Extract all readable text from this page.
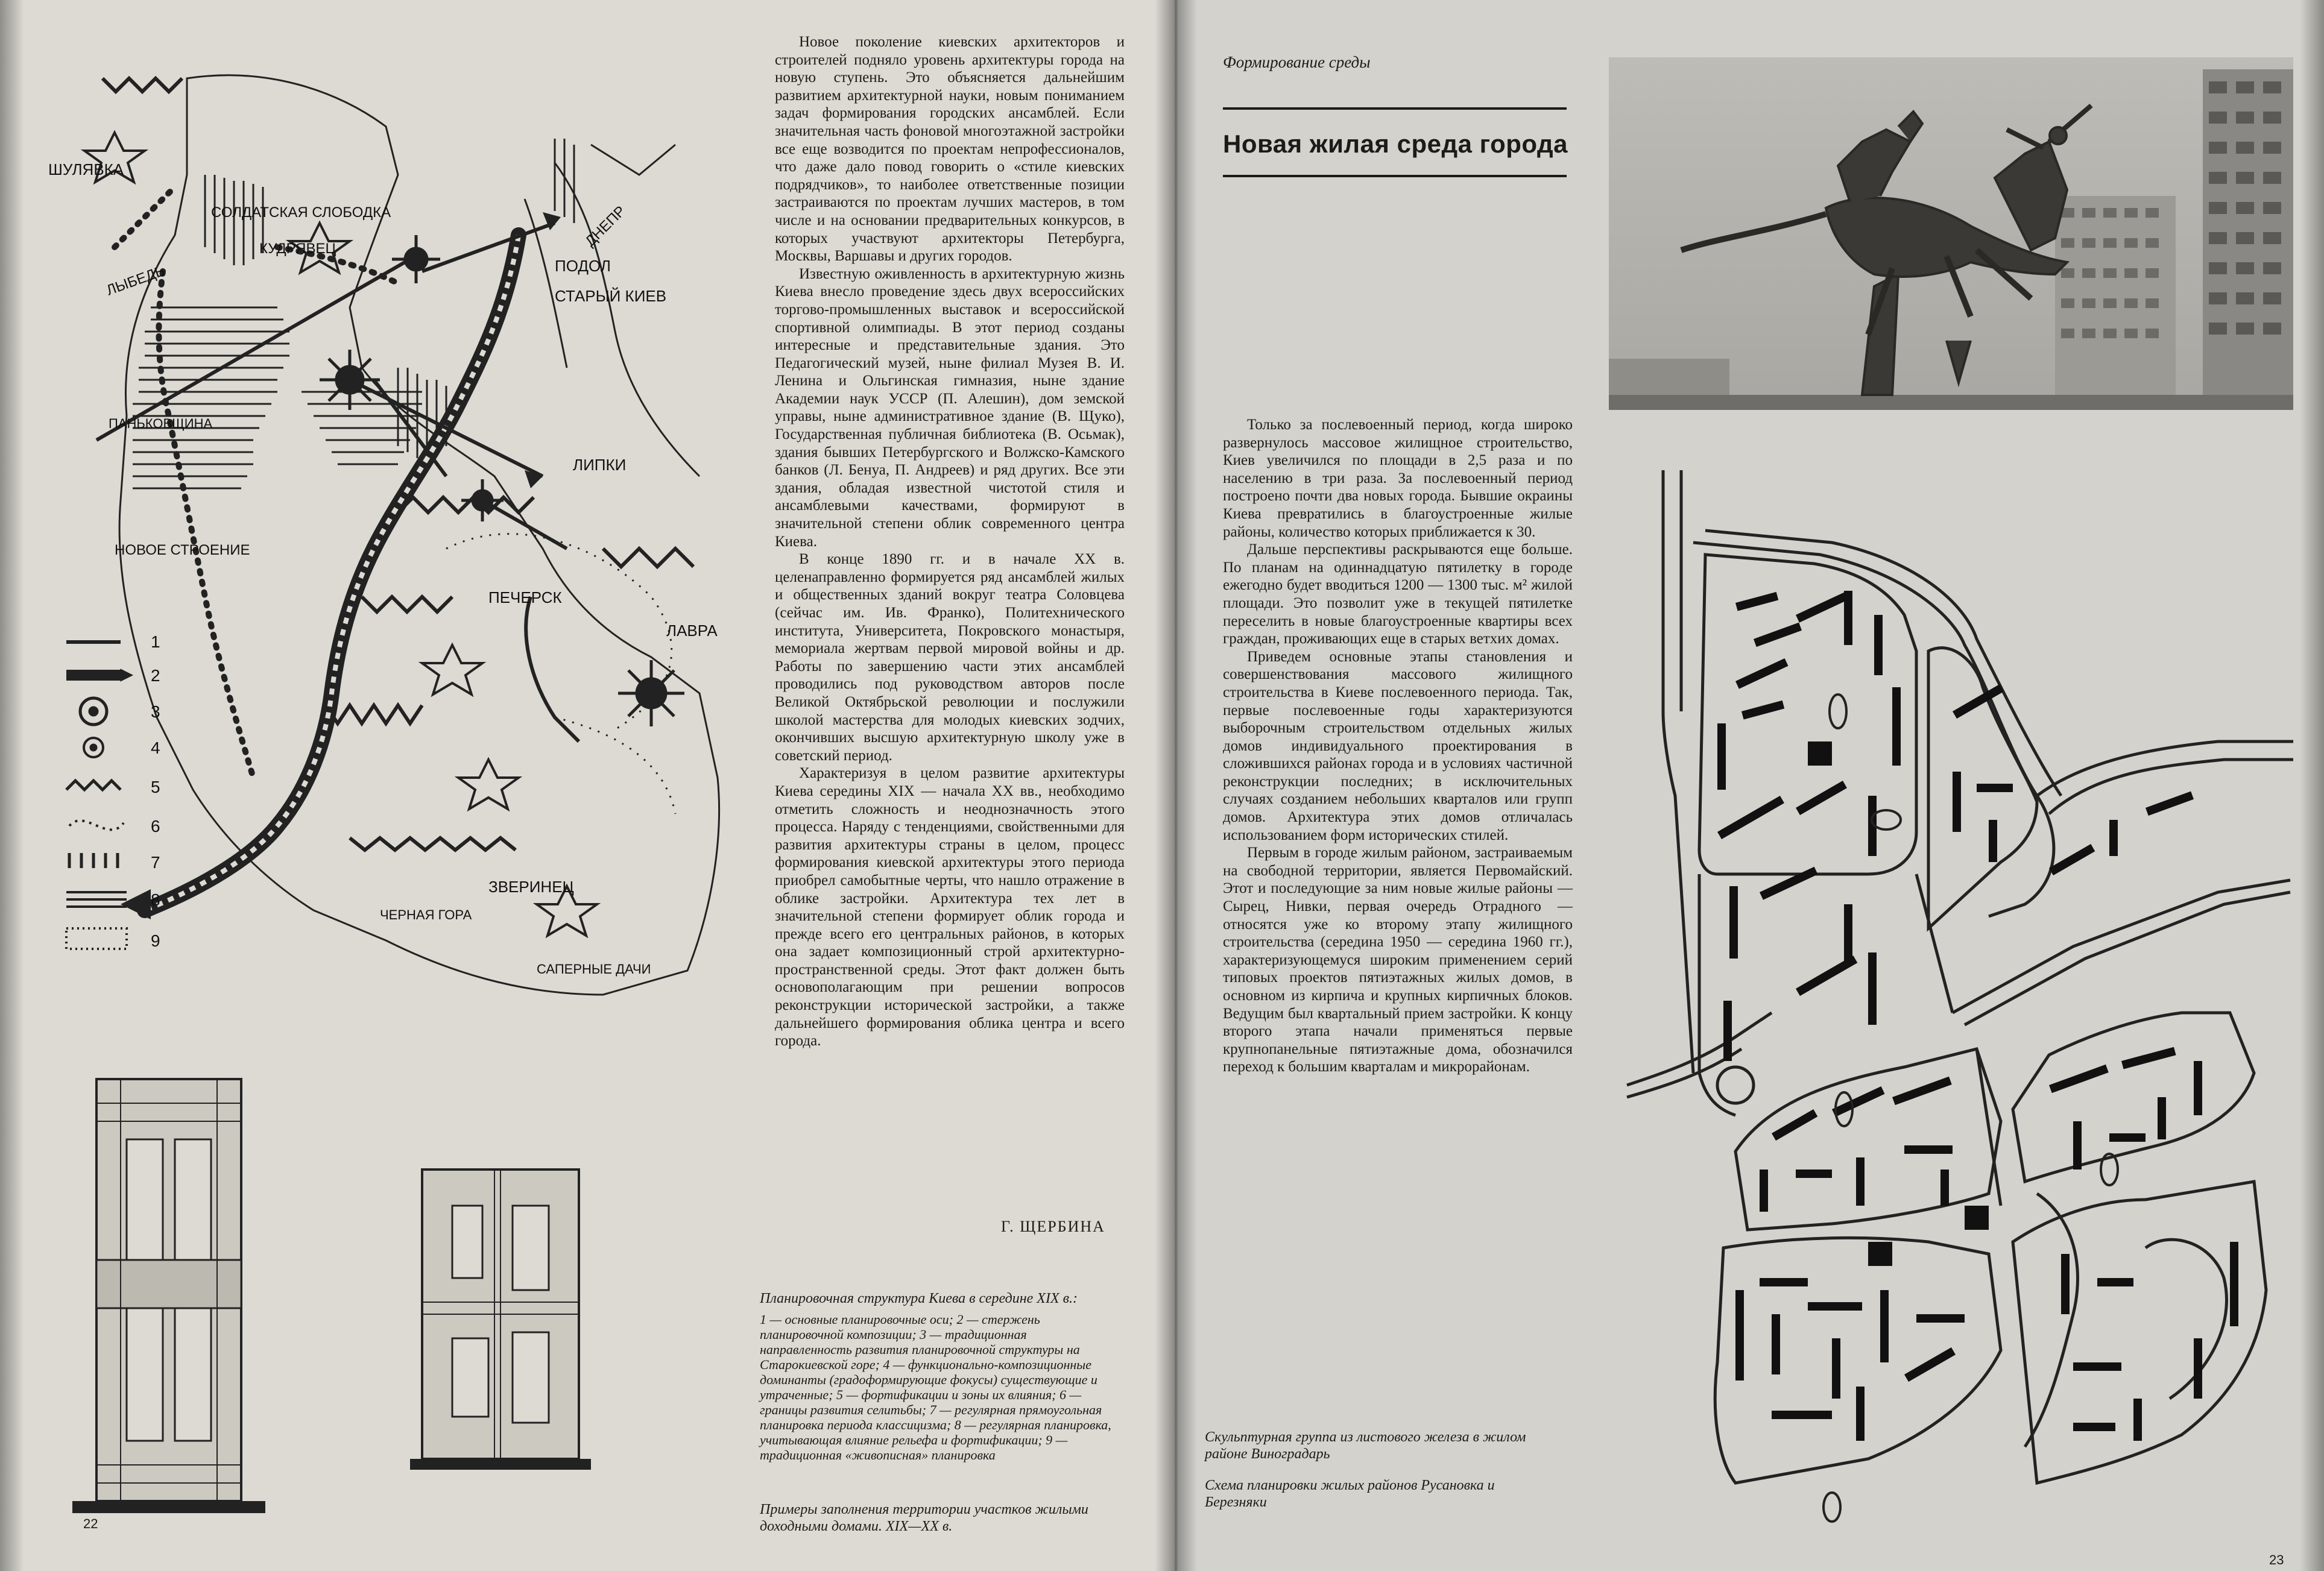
ШУЛЯВКА
СОЛДАТСКАЯ СЛОБОДКА
КУДРЯВЕЦ
ПОДОЛ
ДНЕПР
СТАРЫЙ КИЕВ
ЛЫБЕДЬ
ПАНЬКОВЩИНА
ЛИПКИ
НОВОЕ СТРОЕНИЕ
ПЕЧЕРСК
ЛАВРА
ЗВЕРИНЕЦ
ЧЕРНАЯ ГОРА
САПЕРНЫЕ ДАЧИ
1
2
3
4
5
6
7
8
9
Планировочная структура Киева в середине XIX в.:
1 — основные планировочные оси; 2 — стержень планировочной композиции; 3 — традиционная направленность развития планировочной структуры на Старокиевской горе; 4 — функционально-композиционные доминанты (градоформирующие фокусы) существующие и утраченные; 5 — фортификации и зоны их влияния; 6 — границы развития селитьбы; 7 — регулярная прямоугольная планировка периода классицизма; 8 — регулярная планировка, учитывающая влияние рельефа и фортификации; 9 — традиционная «живописная» планировка
Примеры заполнения территории участков жилыми доходными домами. XIX—XX в.

Новое поколение киевских архитекторов и строителей подняло уровень архитектуры города на новую ступень. Это объясняется дальнейшим развитием архитектурной науки, новым пониманием задач формирования городских ансамблей. Если значительная часть фоновой многоэтажной застройки все еще возводится по проектам непрофессионалов, что даже дало повод говорить о «стиле киевских подрядчиков», то наиболее ответственные позиции застраиваются по проектам лучших мастеров, в том числе и на основании предварительных конкурсов, в которых участвуют архитекторы Петербурга, Москвы, Варшавы и других городов.

Известную оживленность в архитектурную жизнь Киева внесло проведение здесь двух всероссийских торгово-промышленных выставок и всероссийской спортивной олимпиады. В этот период созданы интересные и представительные здания. Это Педагогический музей, ныне филиал Музея В. И. Ленина и Ольгинская гимназия, ныне здание Академии наук УССР (П. Алешин), дом земской управы, ныне административное здание (В. Щуко), Государственная публичная библиотека (В. Осьмак), здания бывших Петербургского и Волжско-Камского банков (Л. Бенуа, П. Андреев) и ряд других. Все эти здания, обладая известной чистотой стиля и ансамблевыми качествами, формируют в значительной степени облик современного центра Киева.

В конце 1890 гг. и в начале XX в. целенаправленно формируется ряд ансамблей жилых и общественных зданий вокруг театра Соловцева (сейчас им. Ив. Франко), Политехнического института, Университета, Покровского монастыря, мемориала жертвам первой мировой войны и др. Работы по завершению части этих ансамблей проводились под руководством авторов после Великой Октябрьской революции и послужили школой мастерства для молодых киевских зодчих, окончивших высшую архитектурную школу уже в советский период.

Характеризуя в целом развитие архитектуры Киева середины XIX — начала XX вв., необходимо отметить сложность и неоднозначность этого процесса. Наряду с тенденциями, свойственными для развития архитектуры страны в целом, процесс формирования киевской архитектуры этого периода приобрел самобытные черты, что нашло отражение в облике застройки. Архитектура тех лет в значительной степени формирует облик города и прежде всего его центральных районов, в которых она задает композиционный строй архитектурно-пространственной среды. Этот факт должен быть основополагающим при решении вопросов реконструкции исторической застройки, а также дальнейшего формирования облика центра и всего города.

Г. ЩЕРБИНА
22
Формирование среды
Новая жилая среда города

Только за послевоенный период, когда широко развернулось массовое жилищное строительство, Киев увеличился по площади в 2,5 раза и по населению в три раза. За послевоенный период построено почти два новых города. Бывшие окраины Киева превратились в благоустроенные жилые районы, количество которых приближается к 30.

Дальше перспективы раскрываются еще больше. По планам на одиннадцатую пятилетку в городе ежегодно будет вводиться 1200 — 1300 тыс. м² жилой площади. Это позволит уже в текущей пятилетке переселить в новые благоустроенные квартиры всех граждан, проживающих еще в старых ветхих домах.

Приведем основные этапы становления и совершенствования массового жилищного строительства в Киеве послевоенного периода. Так, первые послевоенные годы характеризуются выборочным строительством отдельных жилых домов индивидуального проектирования в сложившихся районах города и в условиях частичной реконструкции последних; в исключительных случаях созданием небольших кварталов или групп домов. Архитектура этих домов отличалась использованием форм исторических стилей.

Первым в городе жилым районом, застраиваемым на свободной территории, является Первомайский. Этот и последующие за ним новые жилые районы — Сырец, Нивки, первая очередь Отрадного — относятся уже ко второму этапу жилищного строительства (середина 1950 — середина 1960 гг.), характеризующемуся широким применением серий типовых проектов пятиэтажных жилых домов, в основном из кирпича и крупных кирпичных блоков. Ведущим был квартальный прием застройки. К концу второго этапа начали применяться первые крупнопанельные пятиэтажные дома, обозначился переход к большим кварталам и микрорайонам.

Скульптурная группа из листового железа в жилом районе Виноградарь
Схема планировки жилых районов Русановка и Березняки
23
